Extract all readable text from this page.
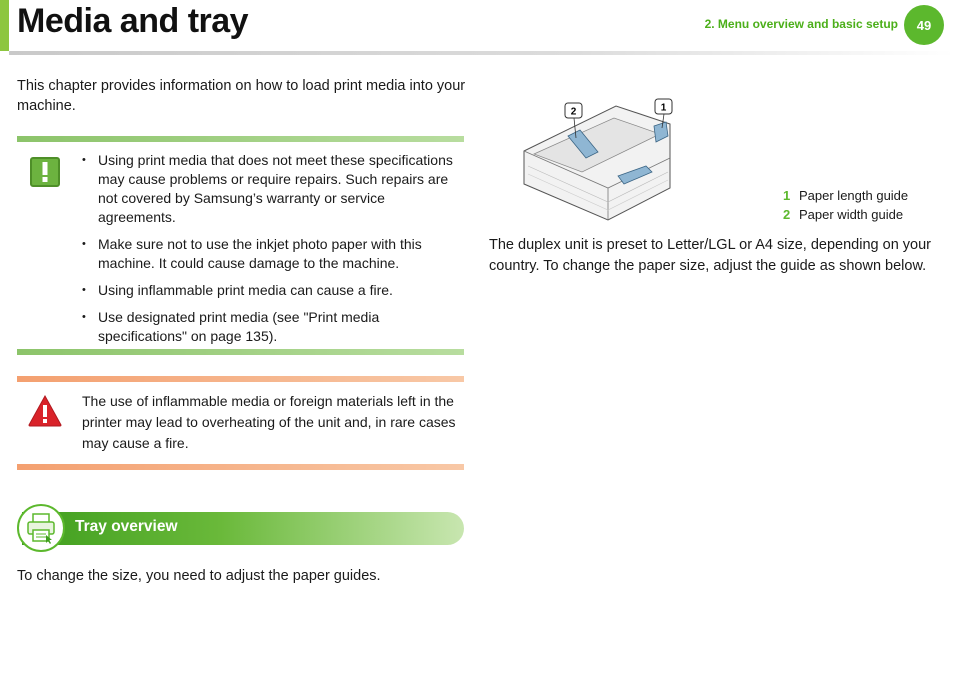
Media and tray	2. Menu overview and basic setup	49
This chapter provides information on how to load print media into your machine.
• Using print media that does not meet these specifications may cause problems or require repairs. Such repairs are not covered by Samsung’s warranty or service agreements.
• Make sure not to use the inkjet photo paper with this machine. It could cause damage to the machine.
• Using inflammable print media can cause a fire.
• Use designated print media (see "Print media specifications" on page 135).
The use of inflammable media or foreign materials left in the printer may lead to overheating of the unit and, in rare cases may cause a fire.
Tray overview
To change the size, you need to adjust the paper guides.
2	1
1 Paper length guide
2 Paper width guide
The duplex unit is preset to Letter/LGL or A4 size, depending on your country. To change the paper size, adjust the guide as shown below.
